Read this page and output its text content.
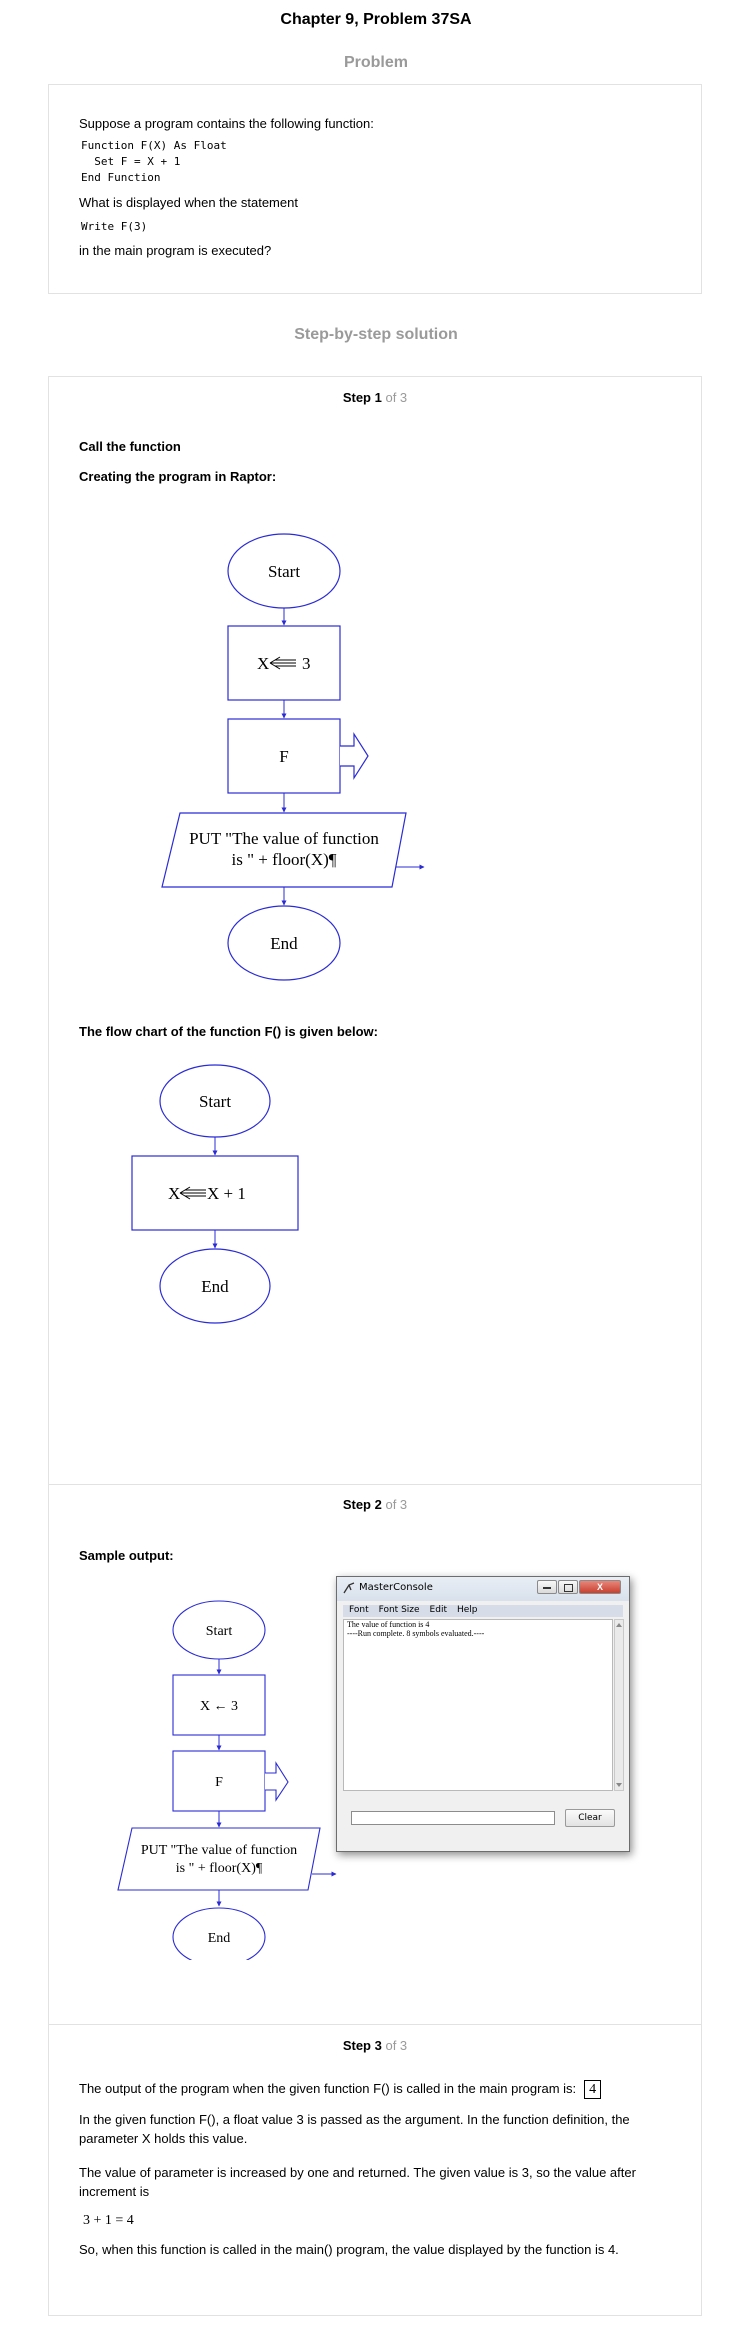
Chapter 9, Problem 37SA
Problem
Suppose a program contains the following function:
Function F(X) As Float
Set F = X + 1
End Function
What is displayed when the statement
Write F(3)
in the main program is executed?
Step-by-step solution
Step 1 of 3
Call the function
Creating the program in Raptor:
Start
X 3
F
PUT "The value of function
is " + floor(X)¶
End
The flow chart of the function F() is given below:
Start
X X + 1
End
Step 2 of 3
Sample output:
Start
X ← 3
F
PUT "The value of function
is " + floor(X)¶
End
MasterConsole	X
Font Font Size Edit Help
The value of function is 4
----Run complete. 8 symbols evaluated.----
Clear
Step 3 of 3
The output of the program when the given function F() is called in the main program is: 4
In the given function F(), a float value 3 is passed as the argument. In the function definition, the parameter X holds this value.
The value of parameter is increased by one and returned. The given value is 3, so the value after increment is
3 + 1 = 4
So, when this function is called in the main() program, the value displayed by the function is 4.
